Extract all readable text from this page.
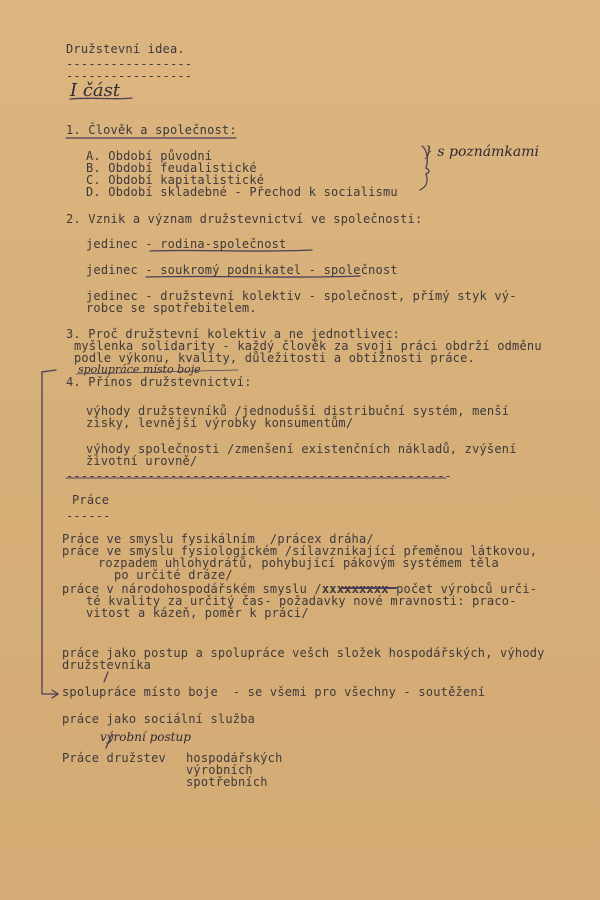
Družstevní idea.
-----------------
-----------------
I část
1. Člověk a společnost:
A. Období původní
B. Období feudalistické
C. Období kapitalistické
D. Období skladebné - Přechod k socialismu
} s poznámkami
2. Vznik a význam družstevnictví ve společnosti:
jedinec - rodina-společnost
jedinec - soukromý podnikatel - společnost
jedinec - družstevní kolektiv - společnost, přímý styk vý-
robce se spotřebitelem.
3. Proč družstevní kolektiv a ne jednotlivec:
myšlenka solidarity - každý člověk za svoji práci obdrží odměnu
podle výkonu, kvality, důležitosti a obtížnosti práce.
spolupráce místo boje
4. Přínos družstevnictví:
výhody družstevníků /jednodušší distribuční systém, menší
zisky, levnější výrobky konsumentům/
výhody společnosti /zmenšení existenčních nákladů, zvýšení
životní urovně/
----------------------------------------------------
Práce
------
Práce ve smyslu fysikálním  /prácex dráha/
práce ve smyslu fysiologickém /sílavznikající přeměnou látkovou,
rozpadem uhlohydrátů, pohybující pákovým systémem těla
po určité dráze/
práce v národohospodářském smyslu /xxxxxxxxx počet výrobců urči-
té kvality za určitý čas- požadavky nové mravnosti: praco-
vitost a kázeň, poměr k práci/
práce jako postup a spolupráce vešch složek hospodářských, výhody
družstevníka
spolupráce místo boje  - se všemi pro všechny - soutěžení
práce jako sociální služba
Práce družstev
výrobní postup
hospodářských
výrobních
spotřebních
